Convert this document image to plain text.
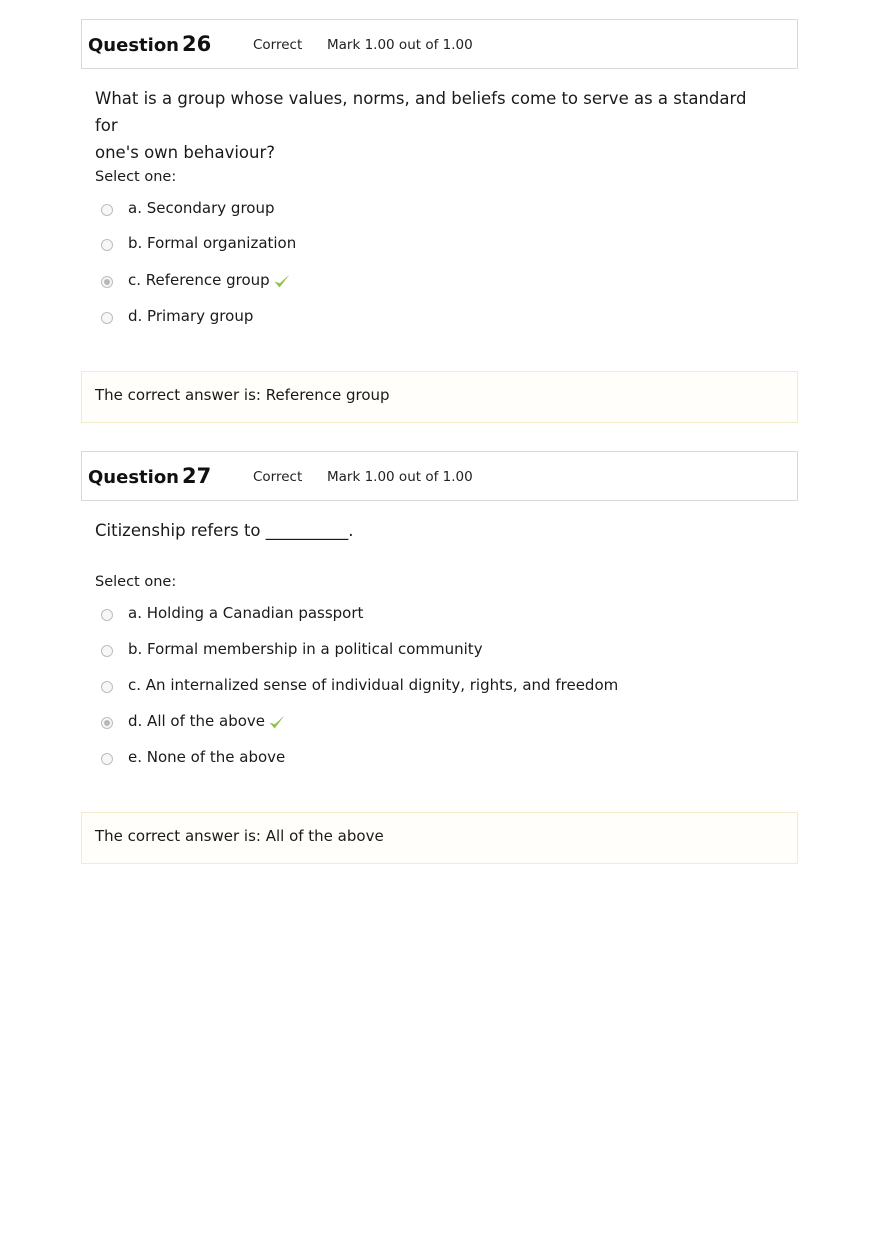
Question 26	Correct Mark 1.00 out of 1.00
What is a group whose values, norms, and beliefs come to serve as a standard for
one's own behaviour?
Select one:
a. Secondary group
b. Formal organization
c. Reference group
d. Primary group
The correct answer is: Reference group
Question 27	Correct Mark 1.00 out of 1.00
Citizenship refers to __________.
Select one:
a. Holding a Canadian passport
b. Formal membership in a political community
c. An internalized sense of individual dignity, rights, and freedom
d. All of the above
e. None of the above
The correct answer is: All of the above
